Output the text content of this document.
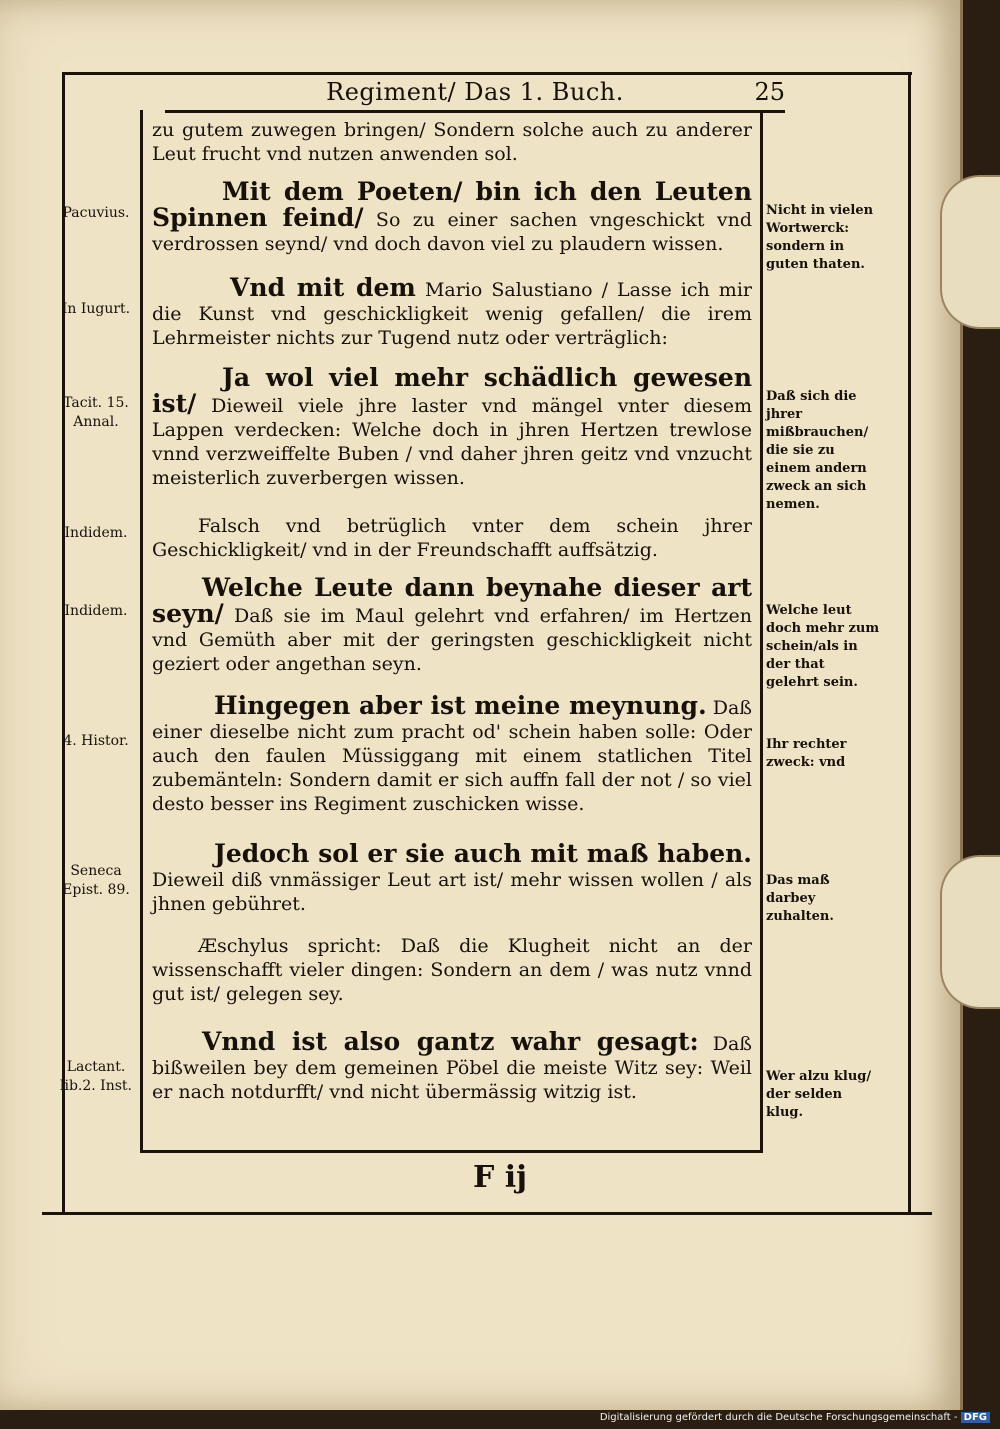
Regiment/ Das 1. Buch.	25
zu gutem zuwegen bringen/ Sondern solche auch zu anderer Leut frucht vnd nutzen anwenden sol.
Mit dem Poeten/ bin ich den Leuten Spinnen feind/ So zu einer sachen vngeschickt vnd verdrossen seynd/ vnd doch davon viel zu plaudern wissen.
Vnd mit dem Mario Salustiano / Lasse ich mir die Kunst vnd geschickligkeit wenig gefallen/ die irem Lehrmeister nichts zur Tugend nutz oder verträglich:
Ja wol viel mehr schädlich gewesen ist/ Dieweil viele jhre laster vnd mängel vnter diesem Lappen verdecken: Welche doch in jhren Hertzen trewlose vnnd verzweiffelte Buben / vnd daher jhren geitz vnd vnzucht meisterlich zuverbergen wissen.
Falsch vnd betrüglich vnter dem schein jhrer Geschickligkeit/ vnd in der Freundschafft auffsätzig.
Welche Leute dann beynahe dieser art seyn/ Daß sie im Maul gelehrt vnd erfahren/ im Hertzen vnd Gemüth aber mit der geringsten geschickligkeit nicht geziert oder angethan seyn.
Hingegen aber ist meine meynung. Daß einer dieselbe nicht zum pracht od' schein haben solle: Oder auch den faulen Müssiggang mit einem statlichen Titel zubemänteln: Sondern damit er sich auffn fall der not / so viel desto besser ins Regiment zuschicken wisse.
Jedoch sol er sie auch mit maß haben. Dieweil diß vnmässiger Leut art ist/ mehr wissen wollen / als jhnen gebühret.
Æschylus spricht: Daß die Klugheit nicht an der wissenschafft vieler dingen: Sondern an dem / was nutz vnnd gut ist/ gelegen sey.
Vnnd ist also gantz wahr gesagt: Daß bißweilen bey dem gemeinen Pöbel die meiste Witz sey: Weil er nach notdurfft/ vnd nicht übermässig witzig ist.
Pacuvius.
In Iugurt.
Tacit. 15. Annal.
Indidem.
Indidem.
4. Histor.
Seneca Epist. 89.
Lactant. lib.2. Inst.
Nicht in vielen Wortwerck: sondern in guten thaten.
Daß sich die jhrer mißbrauchen/ die sie zu einem andern zweck an sich nemen.
Welche leut doch mehr zum schein/als in der that gelehrt sein.
Ihr rechter zweck: vnd
Das maß darbey zuhalten.
Wer alzu klug/ der selden klug.
F ij
Digitalisierung gefördert durch die Deutsche Forschungsgemeinschaft - DFG
